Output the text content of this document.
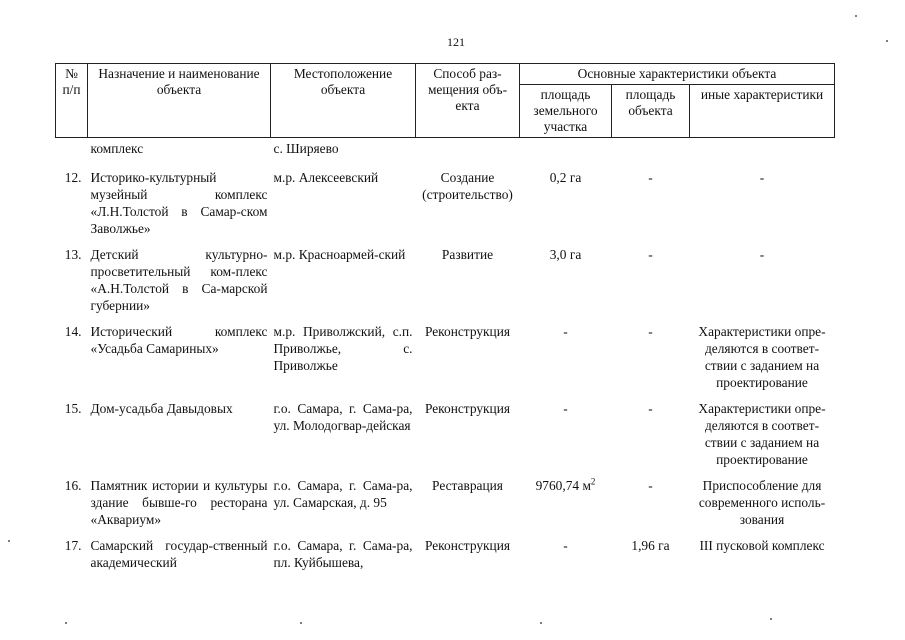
121
№ п/п	Назначение и наименование объекта	Местоположение объекта	Способ раз-мещения объ-екта	Основные характеристики объекта		
				площадь земельного участка	площадь объекта	иные характеристики
	комплекс	с. Ширяево				
12.	Историко-культурный музейный комплекс «Л.Н.Толстой в Самар-ском Заволжье»	м.р. Алексеевский	Создание (строительство)	0,2 га	-	-
13.	Детский культурно-просветительный ком-плекс «А.Н.Толстой в Са-марской губернии»	м.р. Красноармей-ский	Развитие	3,0 га	-	-
14.	Исторический комплекс «Усадьба Самариных»	м.р. Приволжский, с.п. Приволжье, с. Приволжье	Реконструкция	-	-	Характеристики опре-деляются в соответ-ствии с заданием на проектирование
15.	Дом-усадьба Давыдовых	г.о. Самара, г. Сама-ра, ул. Молодогвар-дейская	Реконструкция	-	-	Характеристики опре-деляются в соответ-ствии с заданием на проектирование
16.	Памятник истории и культуры здание бывше-го ресторана «Аквариум»	г.о. Самара, г. Сама-ра, ул. Самарская, д. 95	Реставрация	9760,74 $м^2$	-	Приспособление для современного исполь-зования
17.	Самарский государ-ственный академический	г.о. Самара, г. Сама-ра, пл. Куйбышева,	Реконструкция	-	1,96 га	III пусковой комплекс
